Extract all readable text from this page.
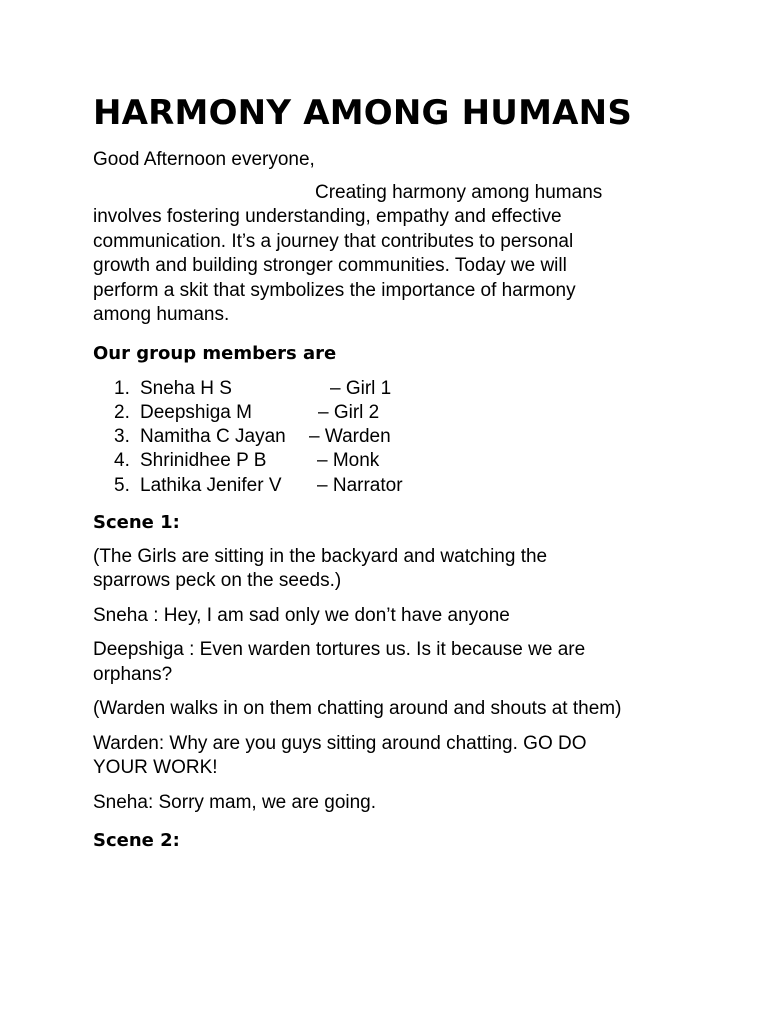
HARMONY AMONG HUMANS

Good Afternoon everyone,

Creating harmony among humans
involves fostering understanding, empathy and effective
communication. It’s a journey that contributes to personal
growth and building stronger communities. Today we will
perform a skit that symbolizes the importance of harmony
among humans.

Our group members are
1. Sneha H S	– Girl 1
2. Deepshiga M	– Girl 2
3. Namitha C Jayan – Warden
4. Shrinidhee P B	– Monk
5. Lathika Jenifer V – Narrator
Scene 1:

(The Girls are sitting in the backyard and watching the
sparrows peck on the seeds.)

Sneha : Hey, I am sad only we don’t have anyone

Deepshiga : Even warden tortures us. Is it because we are
orphans?

(Warden walks in on them chatting around and shouts at them)

Warden: Why are you guys sitting around chatting. GO DO
YOUR WORK!

Sneha: Sorry mam, we are going.

Scene 2:
